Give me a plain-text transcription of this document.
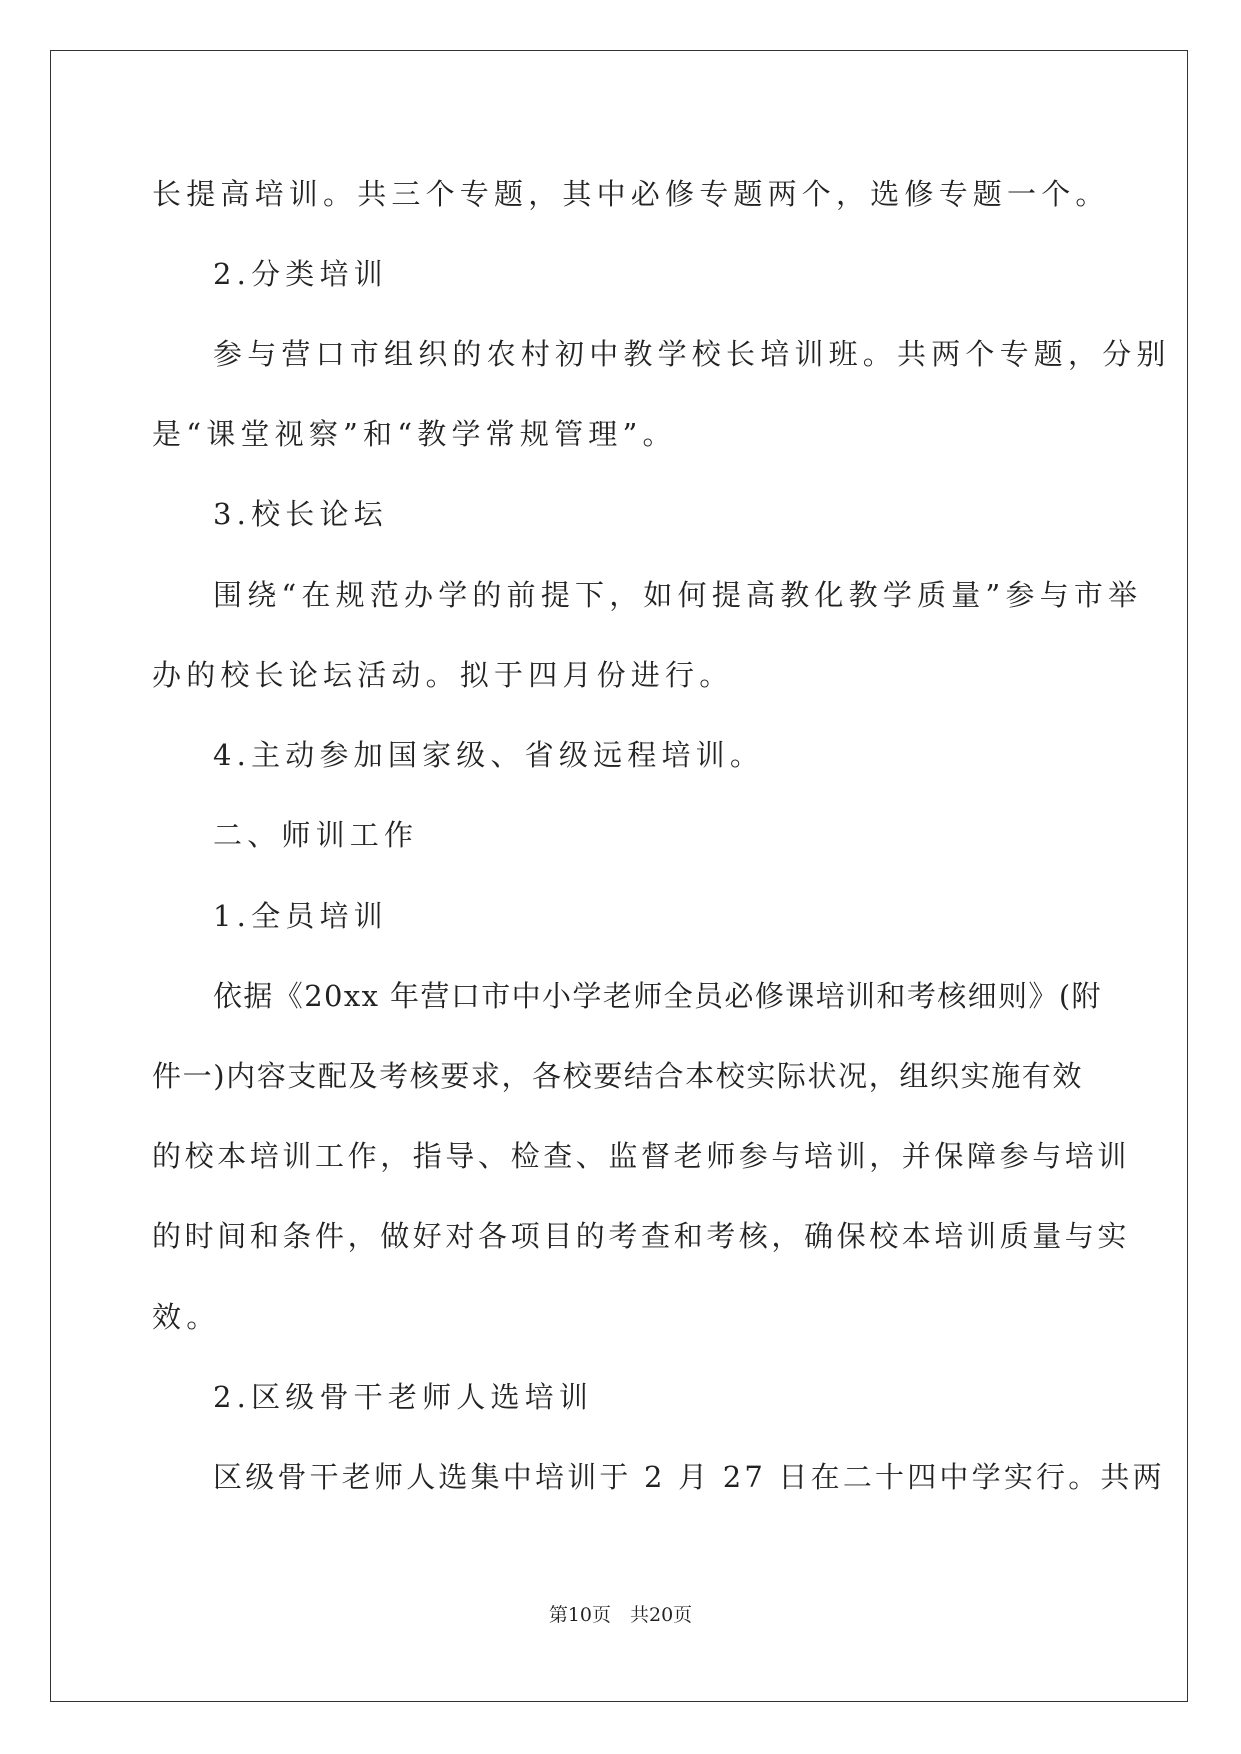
长提高培训。共三个专题，其中必修专题两个，选修专题一个。

2.分类培训

参与营口市组织的农村初中教学校长培训班。共两个专题，分别

是“课堂视察”和“教学常规管理”。

3.校长论坛

围绕“在规范办学的前提下，如何提高教化教学质量”参与市举

办的校长论坛活动。拟于四月份进行。

4.主动参加国家级、省级远程培训。

二、师训工作

1.全员培训

依据《20xx 年营口市中小学老师全员必修课培训和考核细则》(附

件一)内容支配及考核要求，各校要结合本校实际状况，组织实施有效

的校本培训工作，指导、检查、监督老师参与培训，并保障参与培训

的时间和条件，做好对各项目的考查和考核，确保校本培训质量与实

效。

2.区级骨干老师人选培训

区级骨干老师人选集中培训于 2 月 27 日在二十四中学实行。共两

第10页　共20页
